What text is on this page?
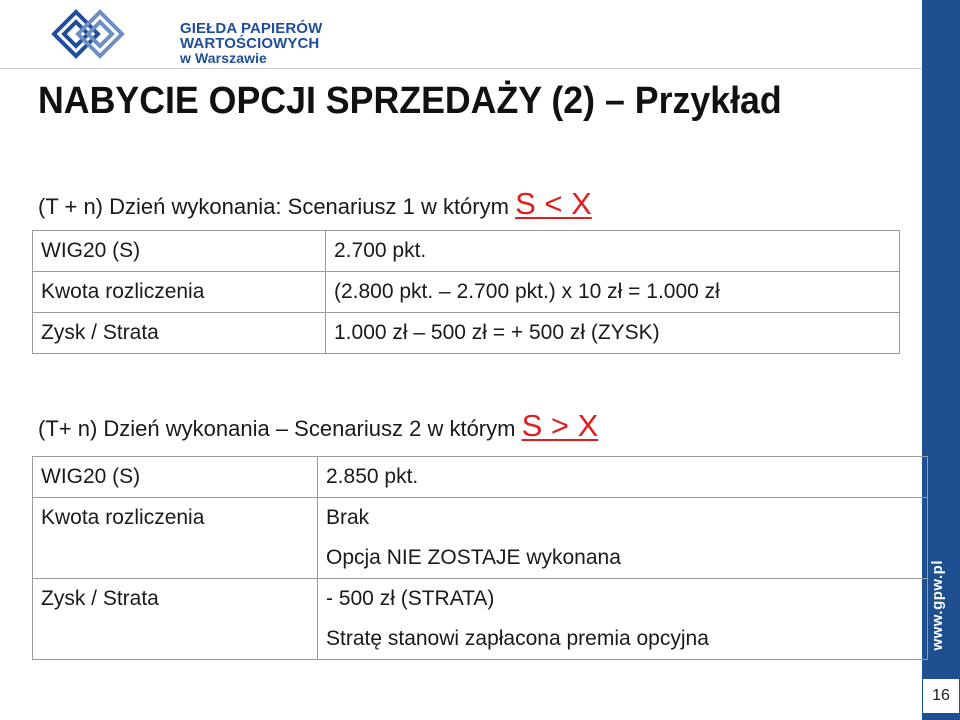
GIEŁDA PAPIERÓW
WARTOŚCIOWYCH
w Warszawie
www.gpw.pl
16
NABYCIE OPCJI SPRZEDAŻY (2) – Przykład
(T + n) Dzień wykonania: Scenariusz 1 w którym S < X
WIG20 (S)	2.700 pkt.
Kwota rozliczenia	(2.800 pkt. – 2.700 pkt.) x 10 zł = 1.000 zł
Zysk / Strata	1.000 zł – 500 zł = + 500 zł (ZYSK)
(T+ n) Dzień wykonania – Scenariusz 2 w którym S > X
WIG20 (S)	2.850 pkt.

Kwota rozliczenia	Brak
Opcja NIE ZOSTAJE wykonana

Zysk / Strata	- 500 zł (STRATA)
Stratę stanowi zapłacona premia opcyjna
